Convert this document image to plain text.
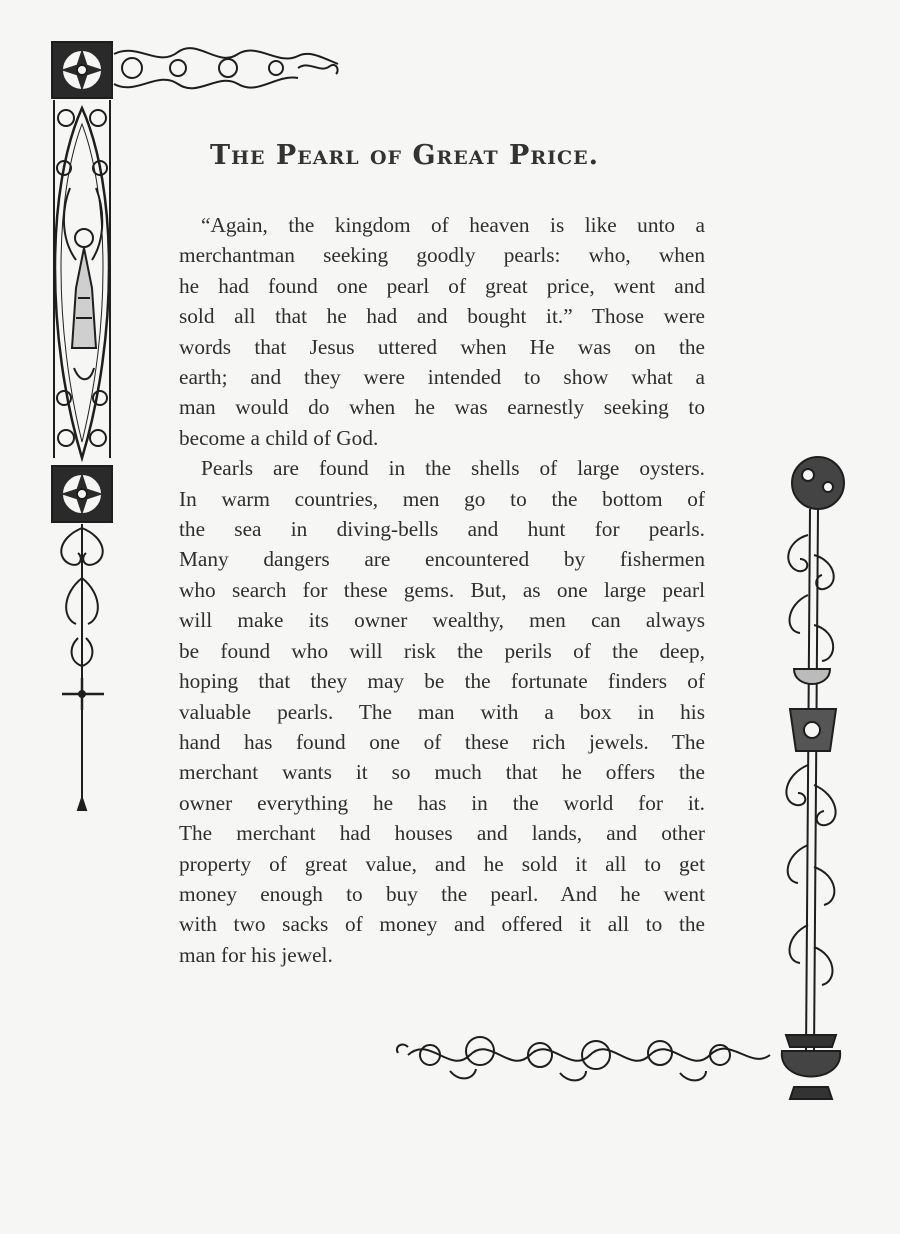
The Pearl of Great Price.

“Again, the kingdom of heaven is like unto a
merchantman seeking goodly pearls: who, when
he had found one pearl of great price, went and
sold all that he had and bought it.” Those were
words that Jesus uttered when He was on the
earth; and they were intended to show what a
man would do when he was earnestly seeking to
become a child of God.

Pearls are found in the shells of large oysters.
In warm countries, men go to the bottom of
the sea in diving-bells and hunt for pearls.
Many dangers are encountered by fishermen
who search for these gems. But, as one large pearl
will make its owner wealthy, men can always
be found who will risk the perils of the deep,
hoping that they may be the fortunate finders of
valuable pearls. The man with a box in his
hand has found one of these rich jewels. The
merchant wants it so much that he offers the
owner everything he has in the world for it.
The merchant had houses and lands, and other
property of great value, and he sold it all to get
money enough to buy the pearl. And he went
with two sacks of money and offered it all to the
man for his jewel.
